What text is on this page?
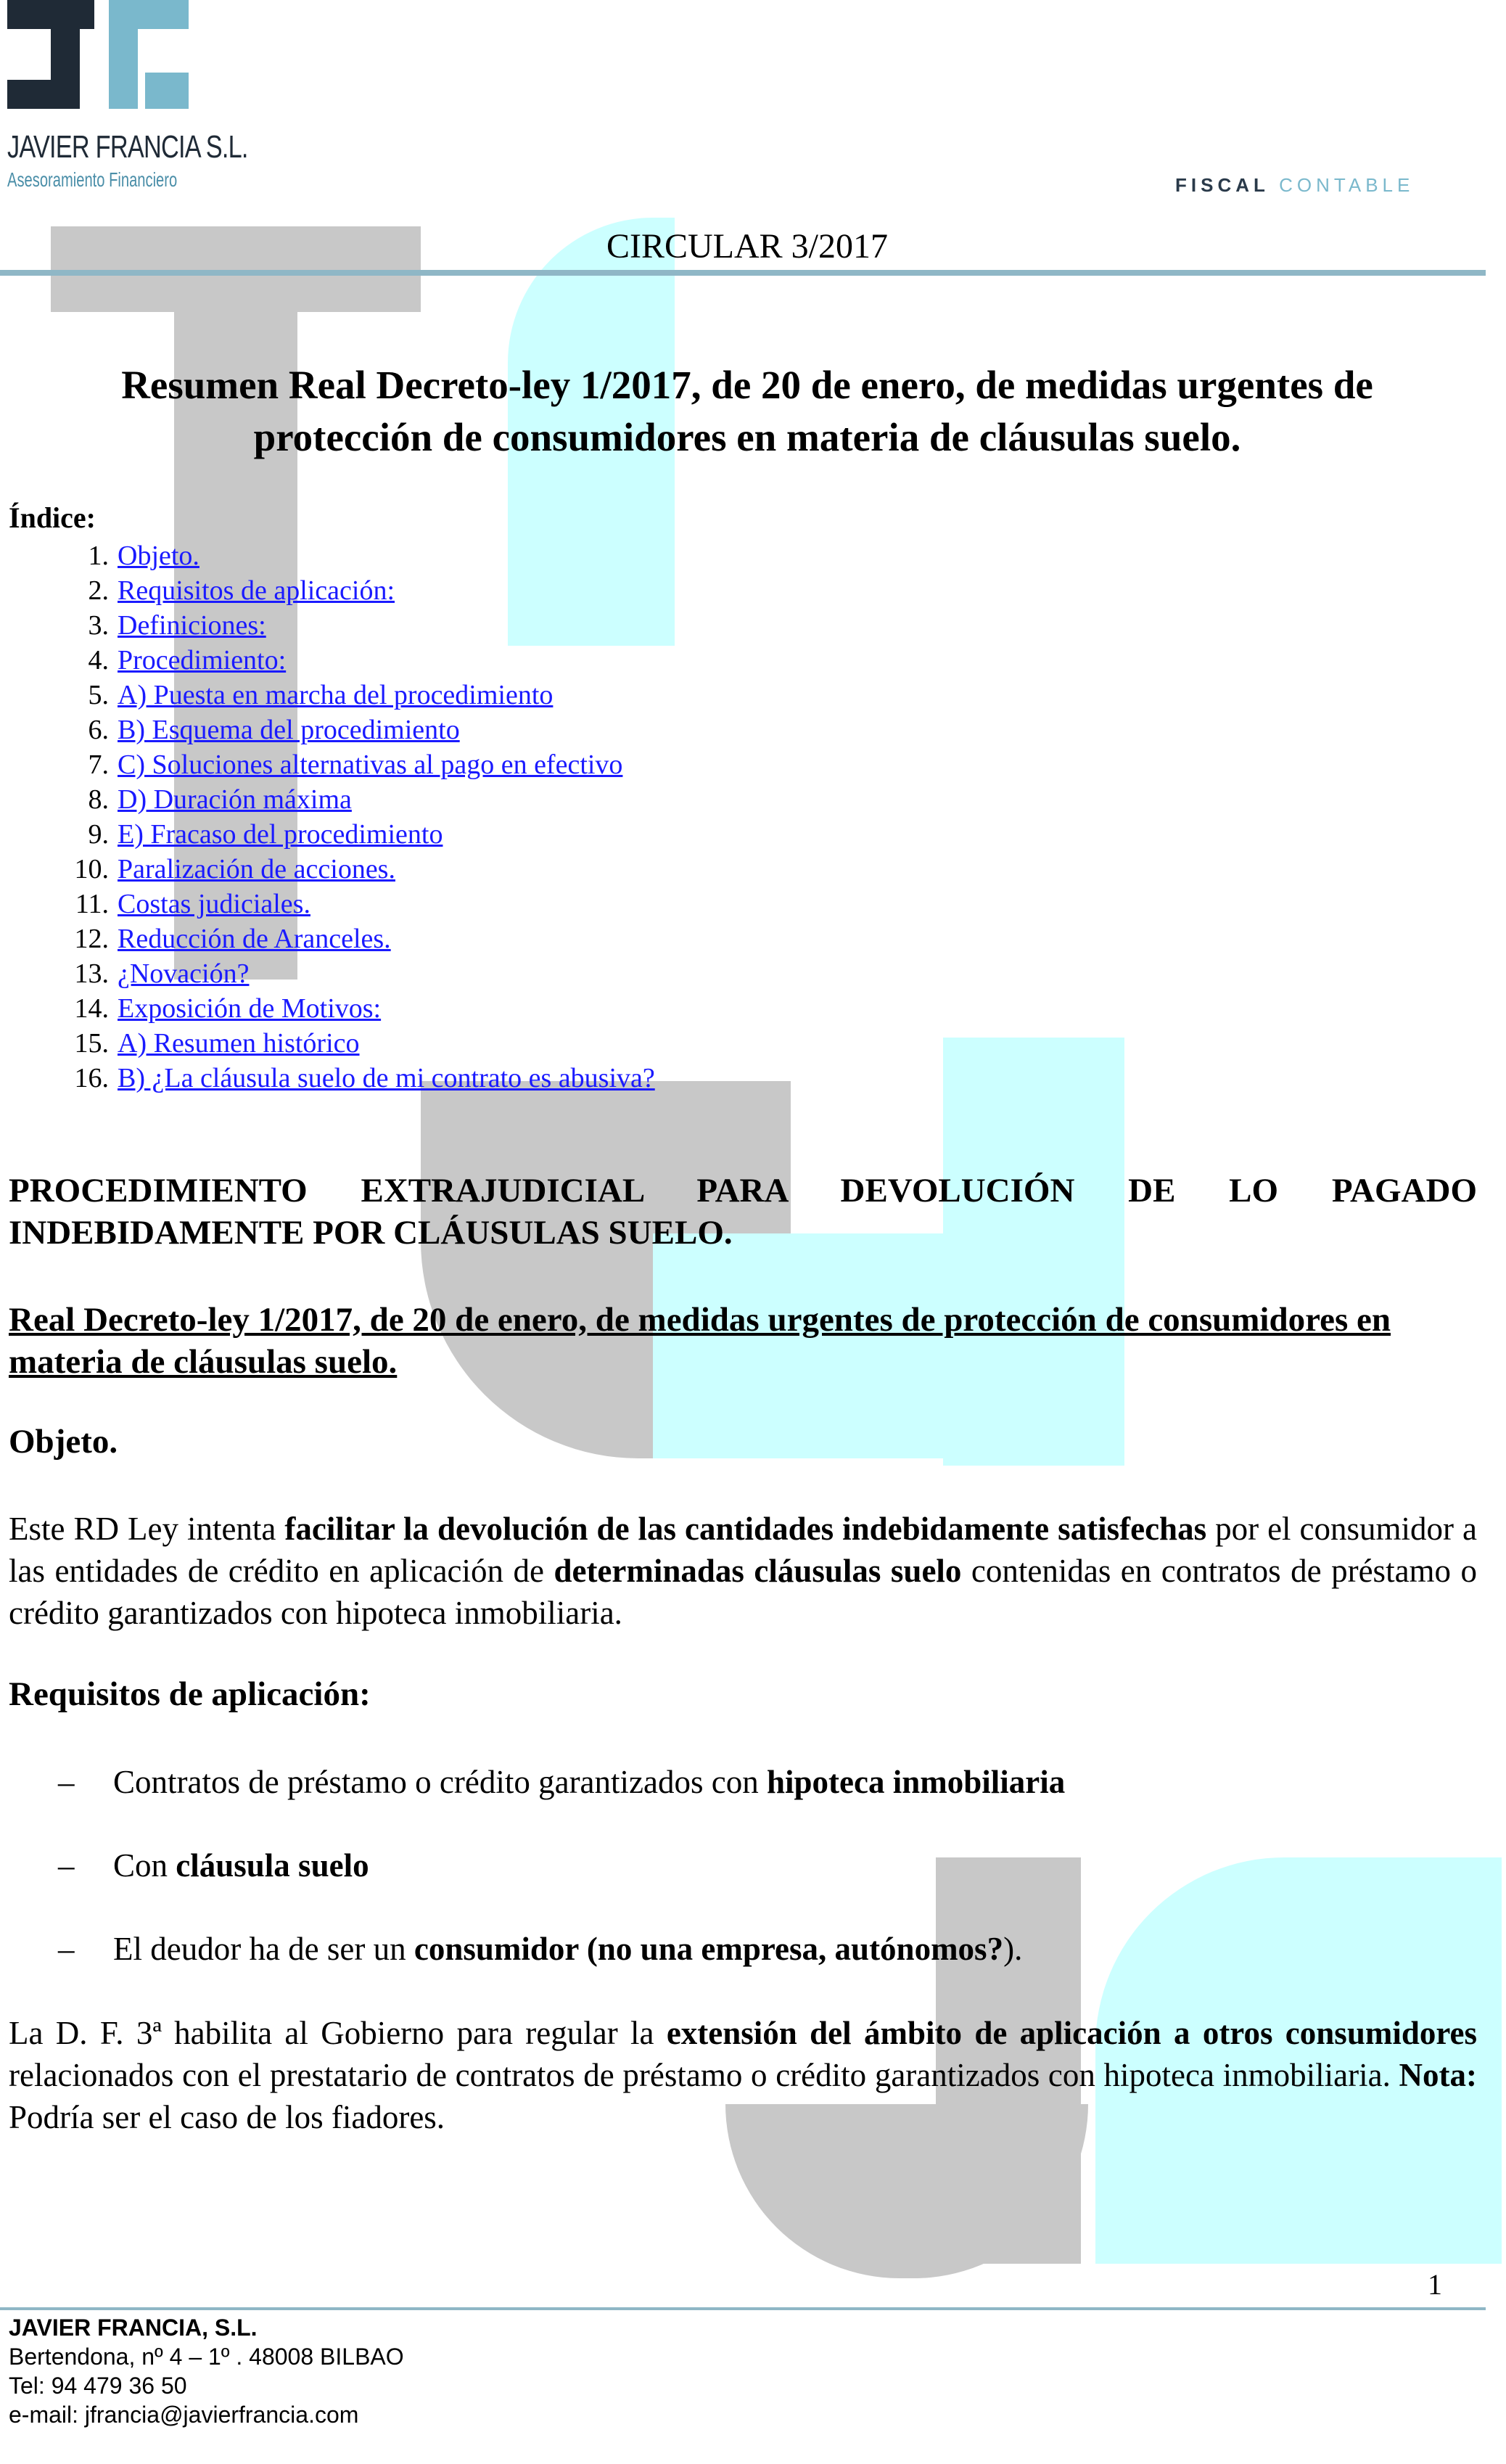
JAVIER FRANCIA S.L.
Asesoramiento Financiero	FISCAL CONTABLE
CIRCULAR 3/2017
Resumen Real Decreto-ley 1/2017, de 20 de enero, de medidas urgentes de
protección de consumidores en materia de cláusulas suelo.
Índice:
1. Objeto.
2. Requisitos de aplicación:
3. Definiciones:
4. Procedimiento:
5. A) Puesta en marcha del procedimiento
6. B) Esquema del procedimiento
7. C) Soluciones alternativas al pago en efectivo
8. D) Duración máxima
9. E) Fracaso del procedimiento
10. Paralización de acciones.
11. Costas judiciales.
12. Reducción de Aranceles.
13. ¿Novación?
14. Exposición de Motivos:
15. A) Resumen histórico
16. B) ¿La cláusula suelo de mi contrato es abusiva?
PROCEDIMIENTO EXTRAJUDICIAL PARA DEVOLUCIÓN DE LO PAGADO INDEBIDAMENTE POR CLÁUSULAS SUELO.
Real Decreto-ley 1/2017, de 20 de enero, de medidas urgentes de protección de consumidores en materia de cláusulas suelo.
Objeto.
Este RD Ley intenta facilitar la devolución de las cantidades indebidamente satisfechas por el consumidor a las entidades de crédito en aplicación de determinadas cláusulas suelo contenidas en contratos de préstamo o crédito garantizados con hipoteca inmobiliaria.
Requisitos de aplicación:
– Contratos de préstamo o crédito garantizados con hipoteca inmobiliaria
– Con cláusula suelo
– El deudor ha de ser un consumidor (no una empresa, autónomos?).
La D. F. 3ª habilita al Gobierno para regular la extensión del ámbito de aplicación a otros consumidores relacionados con el prestatario de contratos de préstamo o crédito garantizados con hipoteca inmobiliaria. Nota: Podría ser el caso de los fiadores.
1
JAVIER FRANCIA, S.L.
Bertendona, nº 4 – 1º . 48008 BILBAO
Tel: 94 479 36 50
e-mail: jfrancia@javierfrancia.com
